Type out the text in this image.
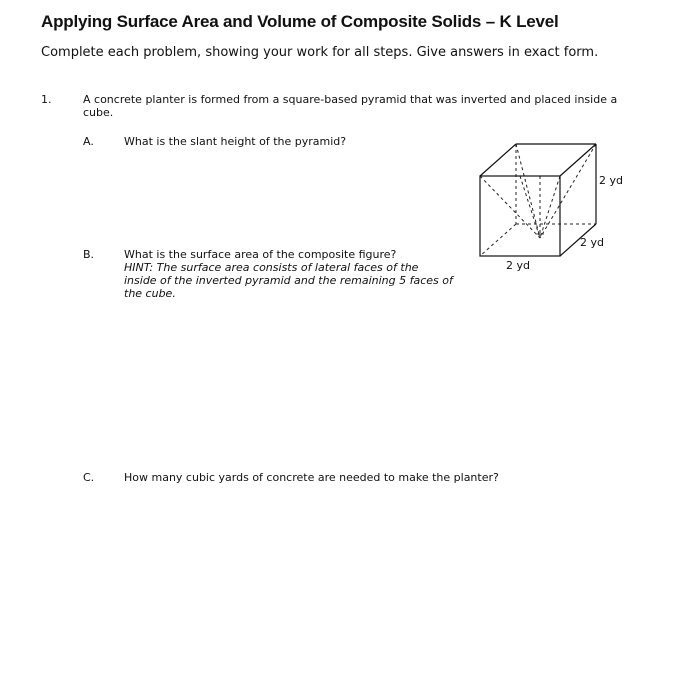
Applying Surface Area and Volume of Composite Solids – K Level
Complete each problem, showing your work for all steps. Give answers in exact form.
1.	A concrete planter is formed from a square-based pyramid that was inverted and placed inside a cube.
A.	What is the slant height of the pyramid?
B.	What is the surface area of the composite figure?
HINT: The surface area consists of lateral faces of the inside of the inverted pyramid and the remaining 5 faces of the cube.
C.	How many cubic yards of concrete are needed to make the planter?
2 yd
2 yd
2 yd
